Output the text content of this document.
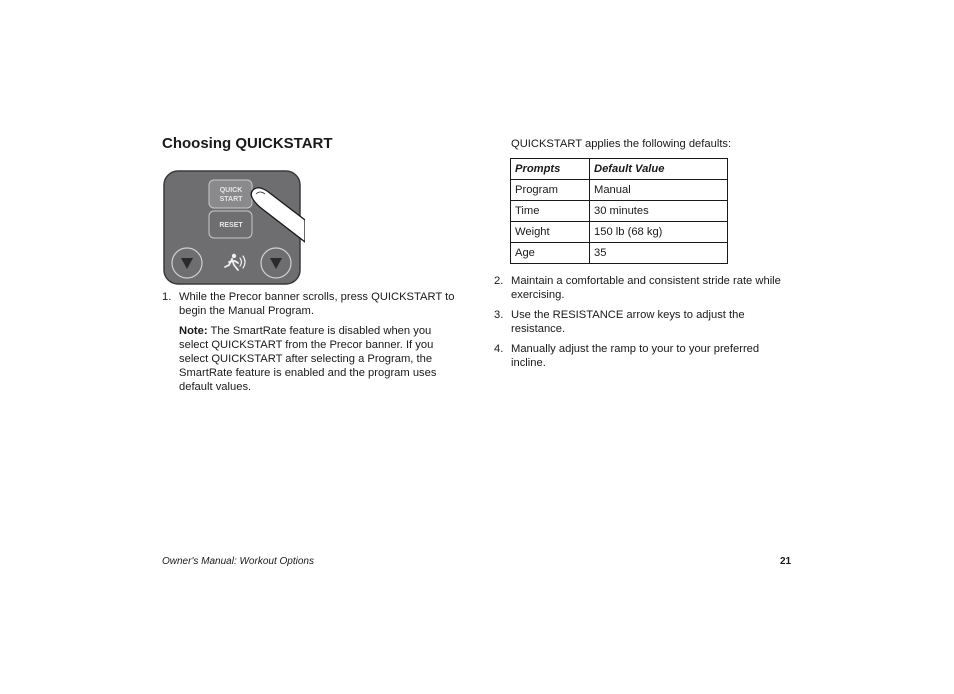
Choosing QUICKSTART
QUICK
START
RESET
1. While the Precor banner scrolls, press QUICKSTART to begin the Manual Program.

Note: The SmartRate feature is disabled when you select QUICKSTART from the Precor banner. If you select QUICKSTART after selecting a Program, the SmartRate feature is enabled and the program uses default values.

QUICKSTART applies the following defaults:
Prompts	Default Value
Program	Manual
Time	30 minutes
Weight	150 lb (68 kg)
Age	35
2. Maintain a comfortable and consistent stride rate while exercising.
3. Use the RESISTANCE arrow keys to adjust the resistance.
4. Manually adjust the ramp to your to your preferred incline.
Owner's Manual: Workout Options	21
